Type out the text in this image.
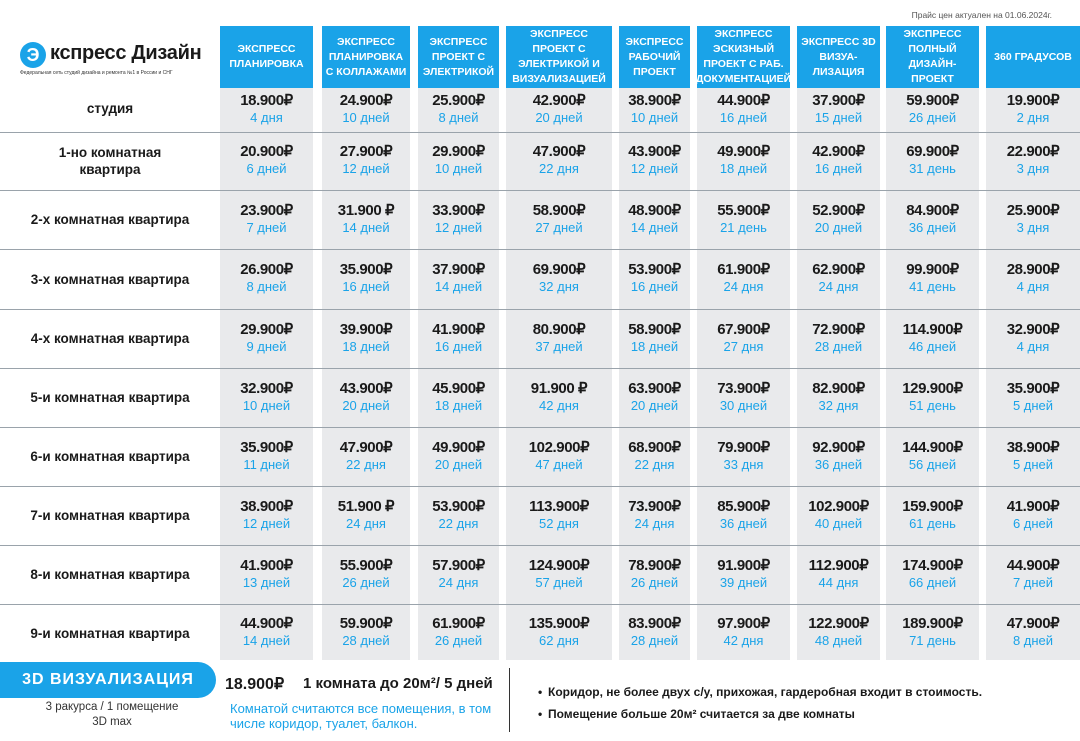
Прайс цен актуален на 01.06.2024г.
Э кспресс Дизайн
Федеральная сеть студий дизайна и ремонта №1 в России и СНГ
ЭКСПРЕСС ПЛАНИРОВКА
ЭКСПРЕСС ПЛАНИРОВКА С КОЛЛАЖАМИ
ЭКСПРЕСС ПРОЕКТ С ЭЛЕКТРИКОЙ
ЭКСПРЕСС ПРОЕКТ С ЭЛЕКТРИКОЙ И ВИЗУАЛИЗАЦИЕЙ
ЭКСПРЕСС РАБОЧИЙ ПРОЕКТ
ЭКСПРЕСС ЭСКИЗНЫЙ ПРОЕКТ С РАБ. ДОКУМЕНТАЦИЕЙ
ЭКСПРЕСС 3D ВИЗУА- ЛИЗАЦИЯ
ЭКСПРЕСС ПОЛНЫЙ ДИЗАЙН- ПРОЕКТ
360 ГРАДУСОВ
студия	18.900₽
4 дня
24.900₽
10 дней
25.900₽
8 дней
42.900₽
20 дней
38.900₽
10 дней
44.900₽
16 дней
37.900₽
15 дней
59.900₽
26 дней
19.900₽
2 дня
1-но комнатная квартира
20.900₽
6 дней
27.900₽
12 дней
29.900₽
10 дней
47.900₽
22 дня
43.900₽
12 дней
49.900₽
18 дней
42.900₽
16 дней
69.900₽
31 день
22.900₽
3 дня
2-х комнатная квартира
23.900₽
7 дней
31.900 ₽
14 дней
33.900₽
12 дней
58.900₽
27 дней
48.900₽
14 дней
55.900₽
21 день
52.900₽
20 дней
84.900₽
36 дней
25.900₽
3 дня
3-х комнатная квартира
26.900₽
8 дней
35.900₽
16 дней
37.900₽
14 дней
69.900₽
32 дня
53.900₽
16 дней
61.900₽
24 дня
62.900₽
24 дня
99.900₽
41 день
28.900₽
4 дня
4-х комнатная квартира
29.900₽
9 дней
39.900₽
18 дней
41.900₽
16 дней
80.900₽
37 дней
58.900₽
18 дней
67.900₽
27 дня
72.900₽
28 дней
114.900₽
46 дней
32.900₽
4 дня
5-и комнатная квартира
32.900₽
10 дней
43.900₽
20 дней
45.900₽
18 дней
91.900 ₽
42 дня
63.900₽
20 дней
73.900₽
30 дней
82.900₽
32 дня
129.900₽
51 день
35.900₽
5 дней
6-и комнатная квартира
35.900₽
11 дней
47.900₽
22 дня
49.900₽
20 дней
102.900₽
47 дней
68.900₽
22 дня
79.900₽
33 дня
92.900₽
36 дней
144.900₽
56 дней
38.900₽
5 дней
7-и комнатная квартира
38.900₽
12 дней
51.900 ₽
24 дня
53.900₽
22 дня
113.900₽
52 дня
73.900₽
24 дня
85.900₽
36 дней
102.900₽
40 дней
159.900₽
61 день
41.900₽
6 дней
8-и комнатная квартира
41.900₽
13 дней
55.900₽
26 дней
57.900₽
24 дня
124.900₽
57 дней
78.900₽
26 дней
91.900₽
39 дней
112.900₽
44 дня
174.900₽
66 дней
44.900₽
7 дней
9-и комнатная квартира
44.900₽
14 дней
59.900₽
28 дней
61.900₽
26 дней
135.900₽
62 дня
83.900₽
28 дней
97.900₽
42 дня
122.900₽
48 дней
189.900₽
71 день
47.900₽
8 дней
3D ВИЗУАЛИЗАЦИЯ
3 ракурса / 1 помещение
3D max
18.900₽ 1 комната до 20м²/ 5 дней
Комнатой считаются все помещения, в том числе коридор, туалет, балкон.
• Коридор, не более двух с/у, прихожая, гардеробная входит в стоимость.
• Помещение больше 20м² считается за две комнаты
